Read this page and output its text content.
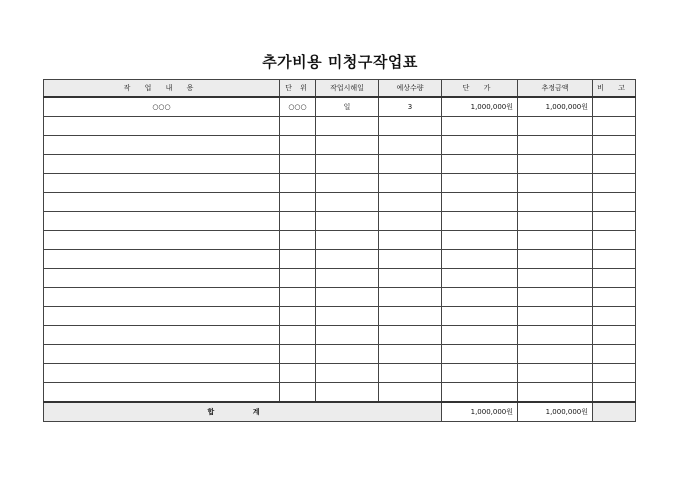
추가비용 미청구작업표
작 업 내 용	단 위	작업시해일	예상수량	단 가	추정금액	비 고
○○○	○○○	일	3	1,000,000원	1,000,000원	

합 계				1,000,000원	1,000,000원	
